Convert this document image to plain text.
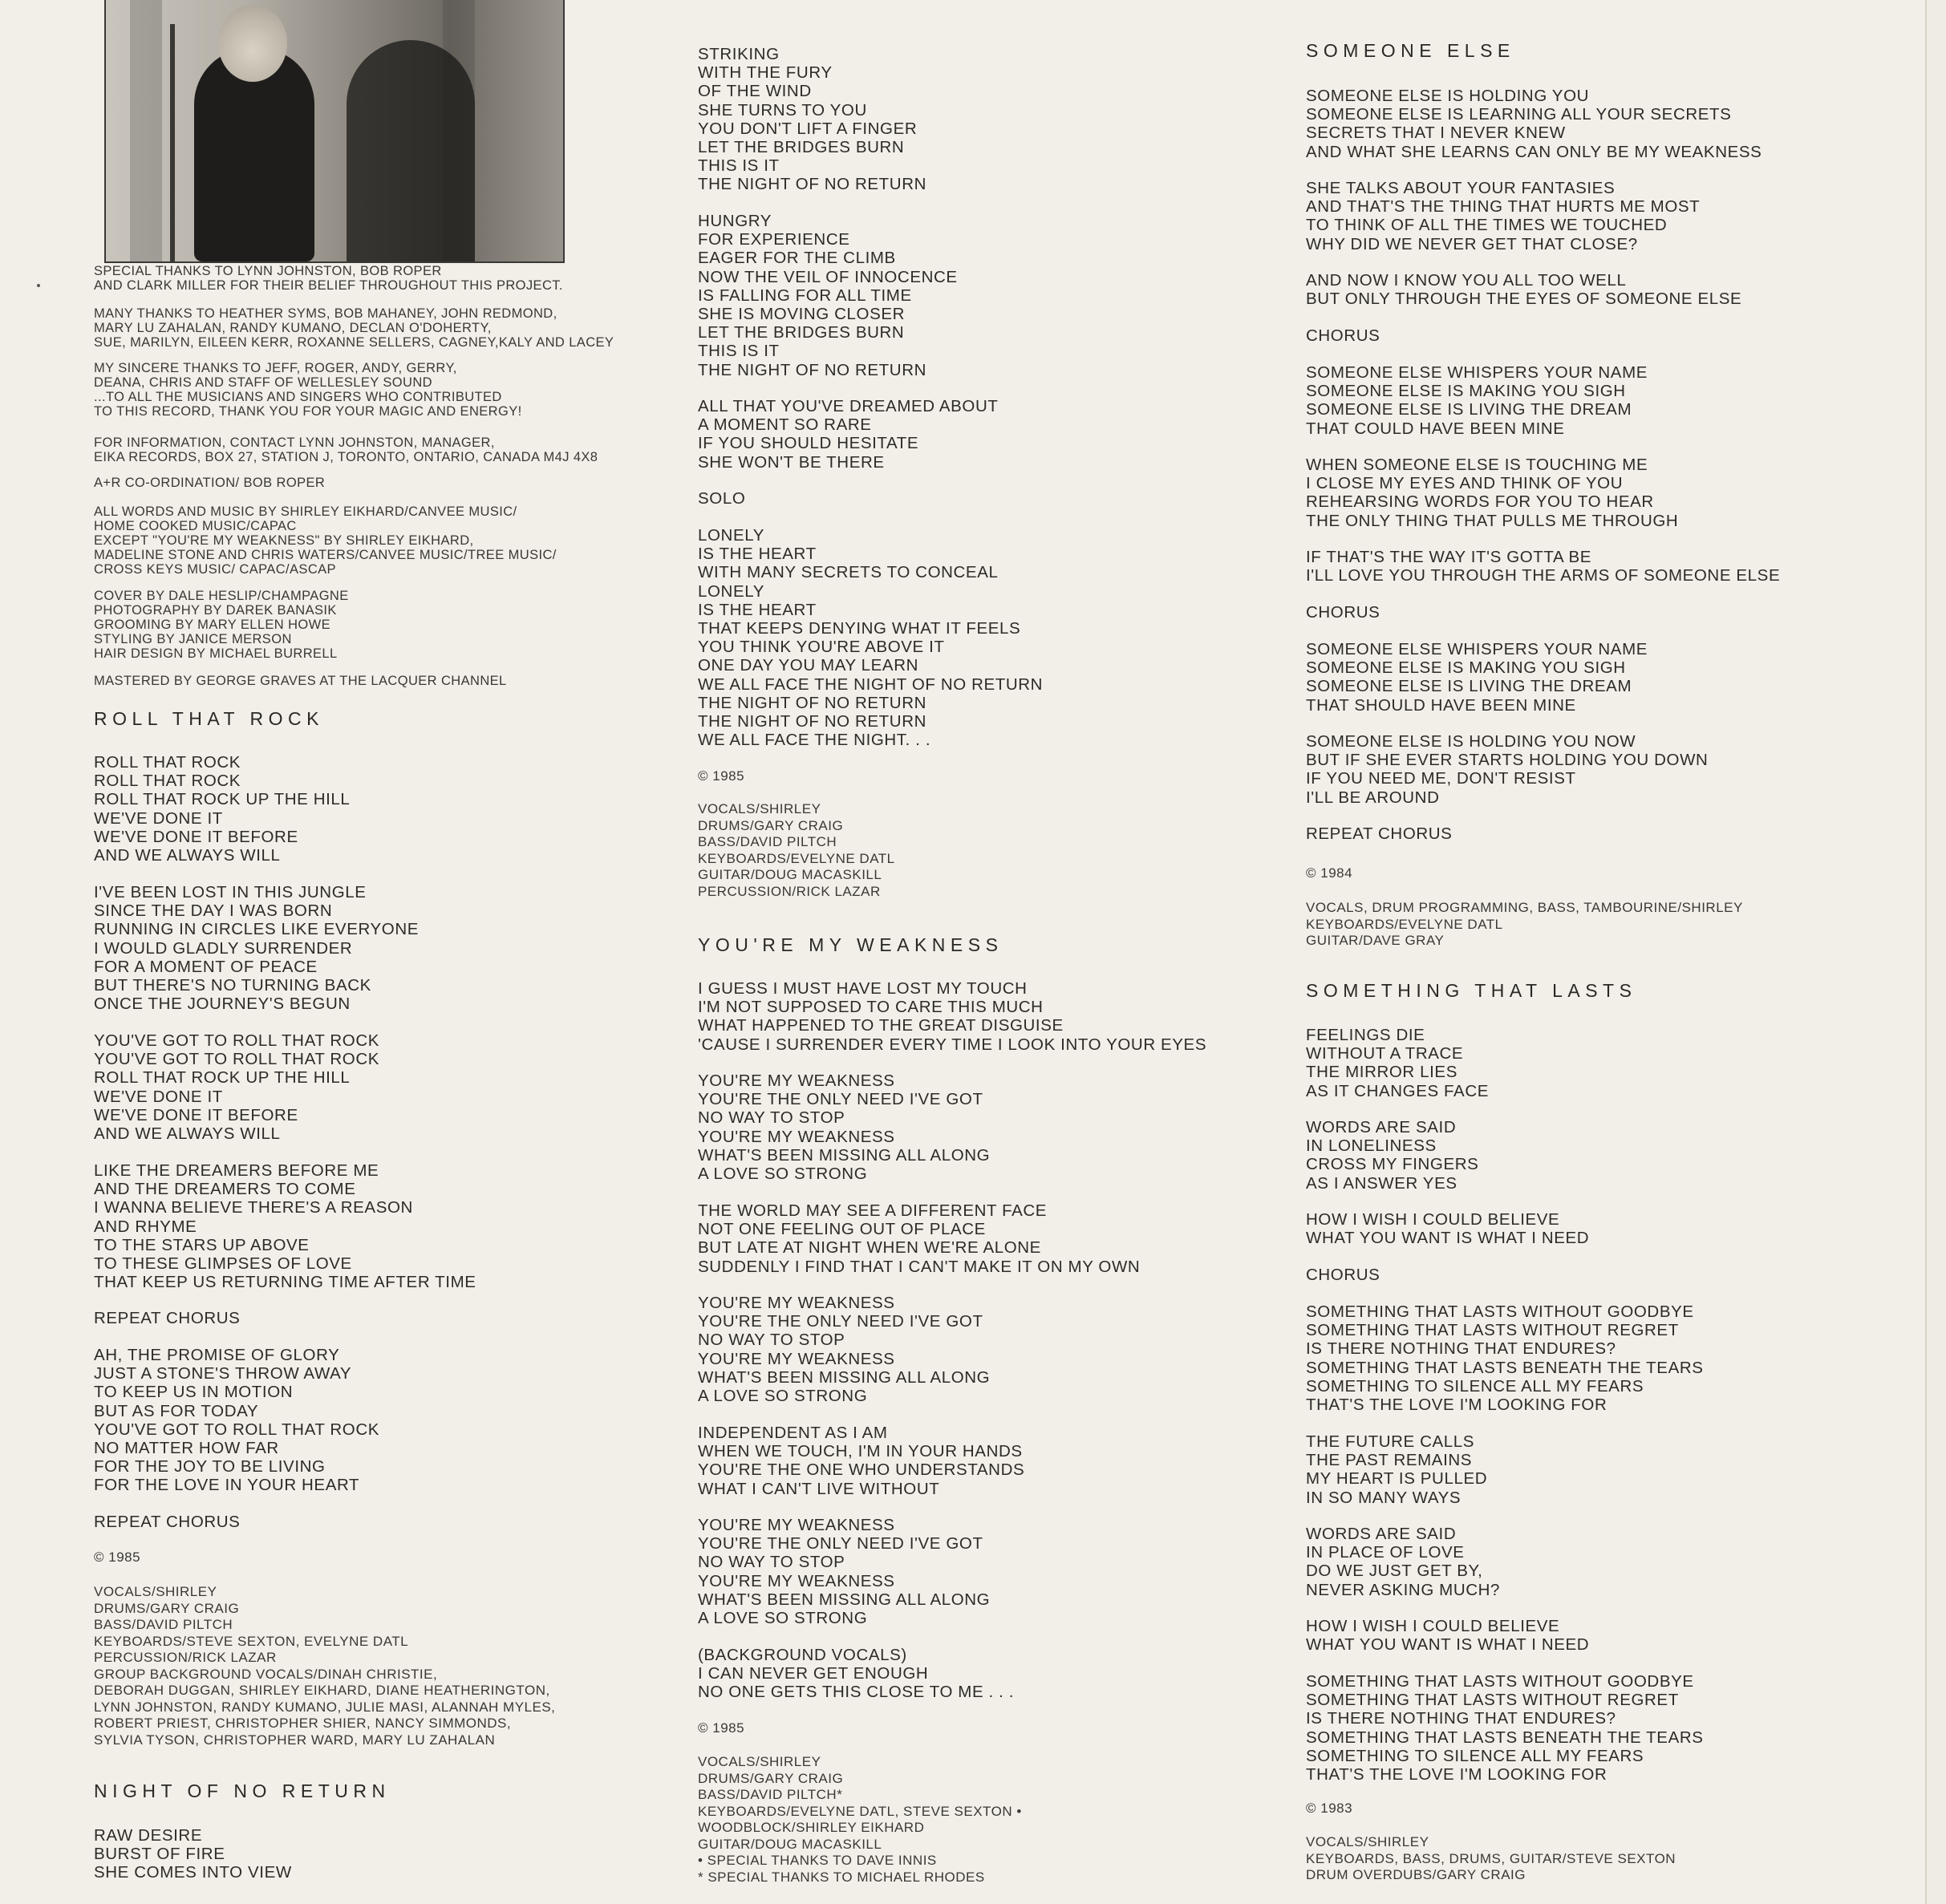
SPECIAL THANKS TO LYNN JOHNSTON, BOB ROPER
AND CLARK MILLER FOR THEIR BELIEF THROUGHOUT THIS PROJECT.
MANY THANKS TO HEATHER SYMS, BOB MAHANEY, JOHN REDMOND,
MARY LU ZAHALAN, RANDY KUMANO, DECLAN O'DOHERTY,
SUE, MARILYN, EILEEN KERR, ROXANNE SELLERS, CAGNEY,KALY AND LACEY
MY SINCERE THANKS TO JEFF, ROGER, ANDY, GERRY,
DEANA, CHRIS AND STAFF OF WELLESLEY SOUND
...TO ALL THE MUSICIANS AND SINGERS WHO CONTRIBUTED
TO THIS RECORD, THANK YOU FOR YOUR MAGIC AND ENERGY!
FOR INFORMATION, CONTACT LYNN JOHNSTON, MANAGER,
EIKA RECORDS, BOX 27, STATION J, TORONTO, ONTARIO, CANADA M4J 4X8
A+R CO-ORDINATION/ BOB ROPER
ALL WORDS AND MUSIC BY SHIRLEY EIKHARD/CANVEE MUSIC/
HOME COOKED MUSIC/CAPAC
EXCEPT "YOU'RE MY WEAKNESS" BY SHIRLEY EIKHARD,
MADELINE STONE AND CHRIS WATERS/CANVEE MUSIC/TREE MUSIC/
CROSS KEYS MUSIC/ CAPAC/ASCAP
COVER BY DALE HESLIP/CHAMPAGNE
PHOTOGRAPHY BY DAREK BANASIK
GROOMING BY MARY ELLEN HOWE
STYLING BY JANICE MERSON
HAIR DESIGN BY MICHAEL BURRELL
MASTERED BY GEORGE GRAVES AT THE LACQUER CHANNEL
ROLL THAT ROCK
ROLL THAT ROCK
ROLL THAT ROCK
ROLL THAT ROCK UP THE HILL
WE'VE DONE IT
WE'VE DONE IT BEFORE
AND WE ALWAYS WILL
I'VE BEEN LOST IN THIS JUNGLE
SINCE THE DAY I WAS BORN
RUNNING IN CIRCLES LIKE EVERYONE
I WOULD GLADLY SURRENDER
FOR A MOMENT OF PEACE
BUT THERE'S NO TURNING BACK
ONCE THE JOURNEY'S BEGUN
YOU'VE GOT TO ROLL THAT ROCK
YOU'VE GOT TO ROLL THAT ROCK
ROLL THAT ROCK UP THE HILL
WE'VE DONE IT
WE'VE DONE IT BEFORE
AND WE ALWAYS WILL
LIKE THE DREAMERS BEFORE ME
AND THE DREAMERS TO COME
I WANNA BELIEVE THERE'S A REASON
AND RHYME
TO THE STARS UP ABOVE
TO THESE GLIMPSES OF LOVE
THAT KEEP US RETURNING TIME AFTER TIME
REPEAT CHORUS
AH, THE PROMISE OF GLORY
JUST A STONE'S THROW AWAY
TO KEEP US IN MOTION
BUT AS FOR TODAY
YOU'VE GOT TO ROLL THAT ROCK
NO MATTER HOW FAR
FOR THE JOY TO BE LIVING
FOR THE LOVE IN YOUR HEART
REPEAT CHORUS
© 1985
VOCALS/SHIRLEY
DRUMS/GARY CRAIG
BASS/DAVID PILTCH
KEYBOARDS/STEVE SEXTON, EVELYNE DATL
PERCUSSION/RICK LAZAR
GROUP BACKGROUND VOCALS/DINAH CHRISTIE,
DEBORAH DUGGAN, SHIRLEY EIKHARD, DIANE HEATHERINGTON,
LYNN JOHNSTON, RANDY KUMANO, JULIE MASI, ALANNAH MYLES,
ROBERT PRIEST, CHRISTOPHER SHIER, NANCY SIMMONDS,
SYLVIA TYSON, CHRISTOPHER WARD, MARY LU ZAHALAN
NIGHT OF NO RETURN
RAW DESIRE
BURST OF FIRE
SHE COMES INTO VIEW
STRIKING
WITH THE FURY
OF THE WIND
SHE TURNS TO YOU
YOU DON'T LIFT A FINGER
LET THE BRIDGES BURN
THIS IS IT
THE NIGHT OF NO RETURN
HUNGRY
FOR EXPERIENCE
EAGER FOR THE CLIMB
NOW THE VEIL OF INNOCENCE
IS FALLING FOR ALL TIME
SHE IS MOVING CLOSER
LET THE BRIDGES BURN
THIS IS IT
THE NIGHT OF NO RETURN
ALL THAT YOU'VE DREAMED ABOUT
A MOMENT SO RARE
IF YOU SHOULD HESITATE
SHE WON'T BE THERE
SOLO
LONELY
IS THE HEART
WITH MANY SECRETS TO CONCEAL
LONELY
IS THE HEART
THAT KEEPS DENYING WHAT IT FEELS
YOU THINK YOU'RE ABOVE IT
ONE DAY YOU MAY LEARN
WE ALL FACE THE NIGHT OF NO RETURN
THE NIGHT OF NO RETURN
THE NIGHT OF NO RETURN
WE ALL FACE THE NIGHT. . .
© 1985
VOCALS/SHIRLEY
DRUMS/GARY CRAIG
BASS/DAVID PILTCH
KEYBOARDS/EVELYNE DATL
GUITAR/DOUG MACASKILL
PERCUSSION/RICK LAZAR
YOU'RE MY WEAKNESS
I GUESS I MUST HAVE LOST MY TOUCH
I'M NOT SUPPOSED TO CARE THIS MUCH
WHAT HAPPENED TO THE GREAT DISGUISE
'CAUSE I SURRENDER EVERY TIME I LOOK INTO YOUR EYES
YOU'RE MY WEAKNESS
YOU'RE THE ONLY NEED I'VE GOT
NO WAY TO STOP
YOU'RE MY WEAKNESS
WHAT'S BEEN MISSING ALL ALONG
A LOVE SO STRONG
THE WORLD MAY SEE A DIFFERENT FACE
NOT ONE FEELING OUT OF PLACE
BUT LATE AT NIGHT WHEN WE'RE ALONE
SUDDENLY I FIND THAT I CAN'T MAKE IT ON MY OWN
YOU'RE MY WEAKNESS
YOU'RE THE ONLY NEED I'VE GOT
NO WAY TO STOP
YOU'RE MY WEAKNESS
WHAT'S BEEN MISSING ALL ALONG
A LOVE SO STRONG
INDEPENDENT AS I AM
WHEN WE TOUCH, I'M IN YOUR HANDS
YOU'RE THE ONE WHO UNDERSTANDS
WHAT I CAN'T LIVE WITHOUT
YOU'RE MY WEAKNESS
YOU'RE THE ONLY NEED I'VE GOT
NO WAY TO STOP
YOU'RE MY WEAKNESS
WHAT'S BEEN MISSING ALL ALONG
A LOVE SO STRONG
(BACKGROUND VOCALS)
I CAN NEVER GET ENOUGH
NO ONE GETS THIS CLOSE TO ME . . .
© 1985
VOCALS/SHIRLEY
DRUMS/GARY CRAIG
BASS/DAVID PILTCH*
KEYBOARDS/EVELYNE DATL, STEVE SEXTON •
WOODBLOCK/SHIRLEY EIKHARD
GUITAR/DOUG MACASKILL
• SPECIAL THANKS TO DAVE INNIS
* SPECIAL THANKS TO MICHAEL RHODES
SOMEONE ELSE
SOMEONE ELSE IS HOLDING YOU
SOMEONE ELSE IS LEARNING ALL YOUR SECRETS
SECRETS THAT I NEVER KNEW
AND WHAT SHE LEARNS CAN ONLY BE MY WEAKNESS
SHE TALKS ABOUT YOUR FANTASIES
AND THAT'S THE THING THAT HURTS ME MOST
TO THINK OF ALL THE TIMES WE TOUCHED
WHY DID WE NEVER GET THAT CLOSE?
AND NOW I KNOW YOU ALL TOO WELL
BUT ONLY THROUGH THE EYES OF SOMEONE ELSE
CHORUS
SOMEONE ELSE WHISPERS YOUR NAME
SOMEONE ELSE IS MAKING YOU SIGH
SOMEONE ELSE IS LIVING THE DREAM
THAT COULD HAVE BEEN MINE
WHEN SOMEONE ELSE IS TOUCHING ME
I CLOSE MY EYES AND THINK OF YOU
REHEARSING WORDS FOR YOU TO HEAR
THE ONLY THING THAT PULLS ME THROUGH
IF THAT'S THE WAY IT'S GOTTA BE
I'LL LOVE YOU THROUGH THE ARMS OF SOMEONE ELSE
CHORUS
SOMEONE ELSE WHISPERS YOUR NAME
SOMEONE ELSE IS MAKING YOU SIGH
SOMEONE ELSE IS LIVING THE DREAM
THAT SHOULD HAVE BEEN MINE
SOMEONE ELSE IS HOLDING YOU NOW
BUT IF SHE EVER STARTS HOLDING YOU DOWN
IF YOU NEED ME, DON'T RESIST
I'LL BE AROUND
REPEAT CHORUS
© 1984
VOCALS, DRUM PROGRAMMING, BASS, TAMBOURINE/SHIRLEY
KEYBOARDS/EVELYNE DATL
GUITAR/DAVE GRAY
SOMETHING THAT LASTS
FEELINGS DIE
WITHOUT A TRACE
THE MIRROR LIES
AS IT CHANGES FACE
WORDS ARE SAID
IN LONELINESS
CROSS MY FINGERS
AS I ANSWER YES
HOW I WISH I COULD BELIEVE
WHAT YOU WANT IS WHAT I NEED
CHORUS
SOMETHING THAT LASTS WITHOUT GOODBYE
SOMETHING THAT LASTS WITHOUT REGRET
IS THERE NOTHING THAT ENDURES?
SOMETHING THAT LASTS BENEATH THE TEARS
SOMETHING TO SILENCE ALL MY FEARS
THAT'S THE LOVE I'M LOOKING FOR
THE FUTURE CALLS
THE PAST REMAINS
MY HEART IS PULLED
IN SO MANY WAYS
WORDS ARE SAID
IN PLACE OF LOVE
DO WE JUST GET BY,
NEVER ASKING MUCH?
HOW I WISH I COULD BELIEVE
WHAT YOU WANT IS WHAT I NEED
SOMETHING THAT LASTS WITHOUT GOODBYE
SOMETHING THAT LASTS WITHOUT REGRET
IS THERE NOTHING THAT ENDURES?
SOMETHING THAT LASTS BENEATH THE TEARS
SOMETHING TO SILENCE ALL MY FEARS
THAT'S THE LOVE I'M LOOKING FOR
© 1983
VOCALS/SHIRLEY
KEYBOARDS, BASS, DRUMS, GUITAR/STEVE SEXTON
DRUM OVERDUBS/GARY CRAIG
